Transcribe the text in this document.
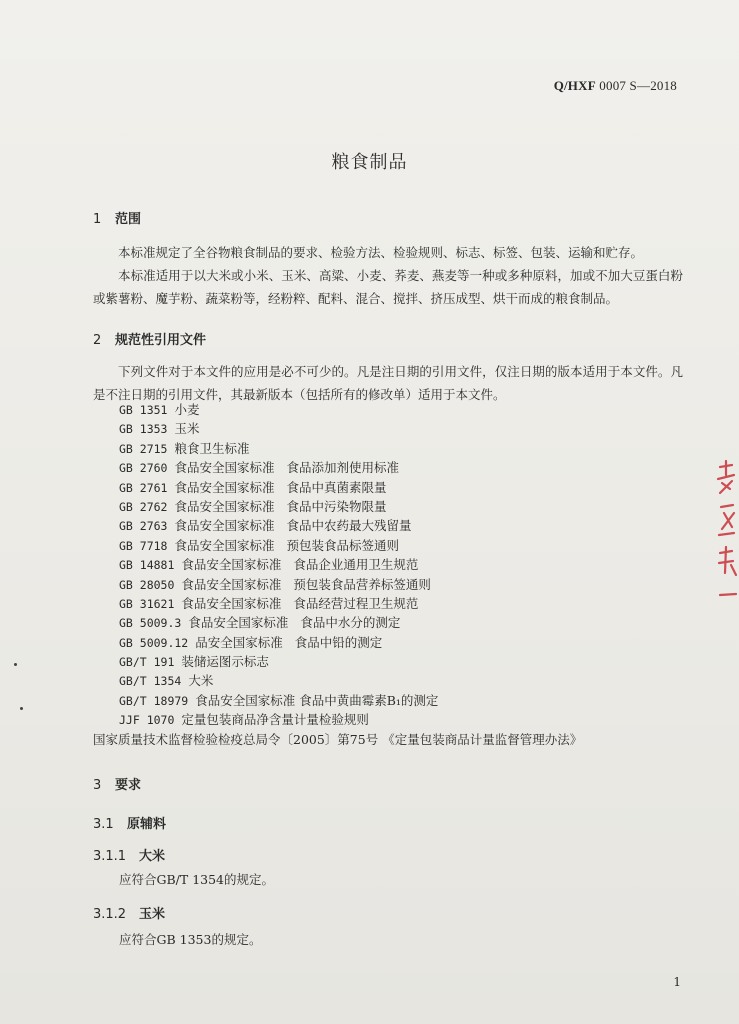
Q/HXF 0007 S—2018
粮食制品
1 范围
本标准规定了全谷物粮食制品的要求、检验方法、检验规则、标志、标签、包装、运输和贮存。
本标准适用于以大米或小米、玉米、高粱、小麦、荞麦、燕麦等一种或多种原料，加或不加大豆蛋白粉或紫薯粉、魔芋粉、蔬菜粉等，经粉粹、配料、混合、搅拌、挤压成型、烘干而成的粮食制品。
2 规范性引用文件
下列文件对于本文件的应用是必不可少的。凡是注日期的引用文件，仅注日期的版本适用于本文件。凡是不注日期的引用文件，其最新版本（包括所有的修改单）适用于本文件。
GB 1351 小麦
GB 1353 玉米
GB 2715 粮食卫生标准
GB 2760 食品安全国家标准 食品添加剂使用标准
GB 2761 食品安全国家标准 食品中真菌素限量
GB 2762 食品安全国家标准 食品中污染物限量
GB 2763 食品安全国家标准 食品中农药最大残留量
GB 7718 食品安全国家标准 预包装食品标签通则
GB 14881 食品安全国家标准 食品企业通用卫生规范
GB 28050 食品安全国家标准 预包装食品营养标签通则
GB 31621 食品安全国家标准 食品经营过程卫生规范
GB 5009.3 食品安全国家标准 食品中水分的测定
GB 5009.12 品安全国家标准 食品中铅的测定
GB/T 191 装储运图示标志
GB/T 1354 大米
GB/T 18979 食品安全国家标准 食品中黄曲霉素B₁的测定
JJF 1070 定量包装商品净含量计量检验规则
国家质量技术监督检验检疫总局令〔2005〕第75号 《定量包装商品计量监督管理办法》
3 要求
3.1 原辅料
3.1.1 大米
应符合GB/T 1354的规定。
3.1.2 玉米
应符合GB 1353的规定。
1
